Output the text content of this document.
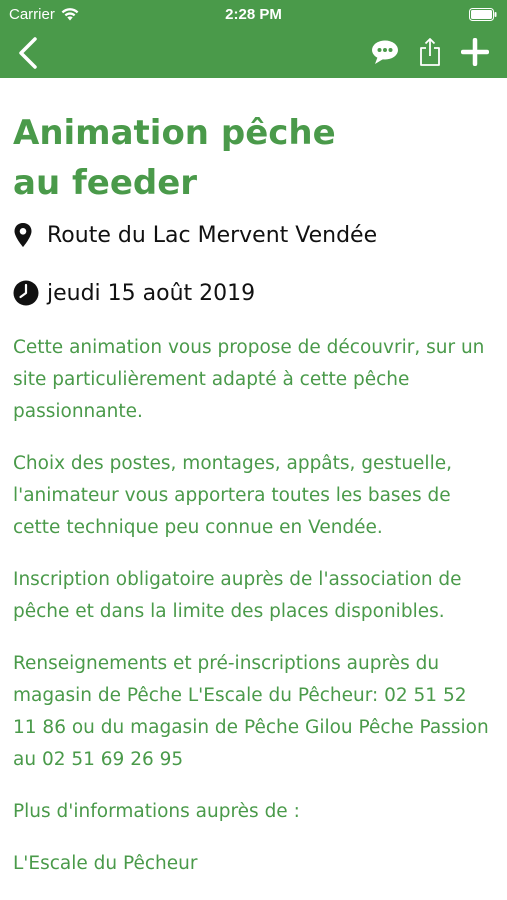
Carrier	2:28 PM
Animation pêche
au feeder
Route du Lac Mervent Vendée
jeudi 15 août 2019

Cette animation vous propose de découvrir, sur un site particulièrement adapté à cette pêche passionnante.

Choix des postes, montages, appâts, gestuelle, l'animateur vous apportera toutes les bases de cette technique peu connue en Vendée.

Inscription obligatoire auprès de l'association de pêche et dans la limite des places disponibles.

Renseignements et pré-inscriptions auprès du magasin de Pêche L'Escale du Pêcheur: 02 51 52 11 86 ou du magasin de Pêche Gilou Pêche Passion au 02 51 69 26 95

Plus d'informations auprès de :

L'Escale du Pêcheur
